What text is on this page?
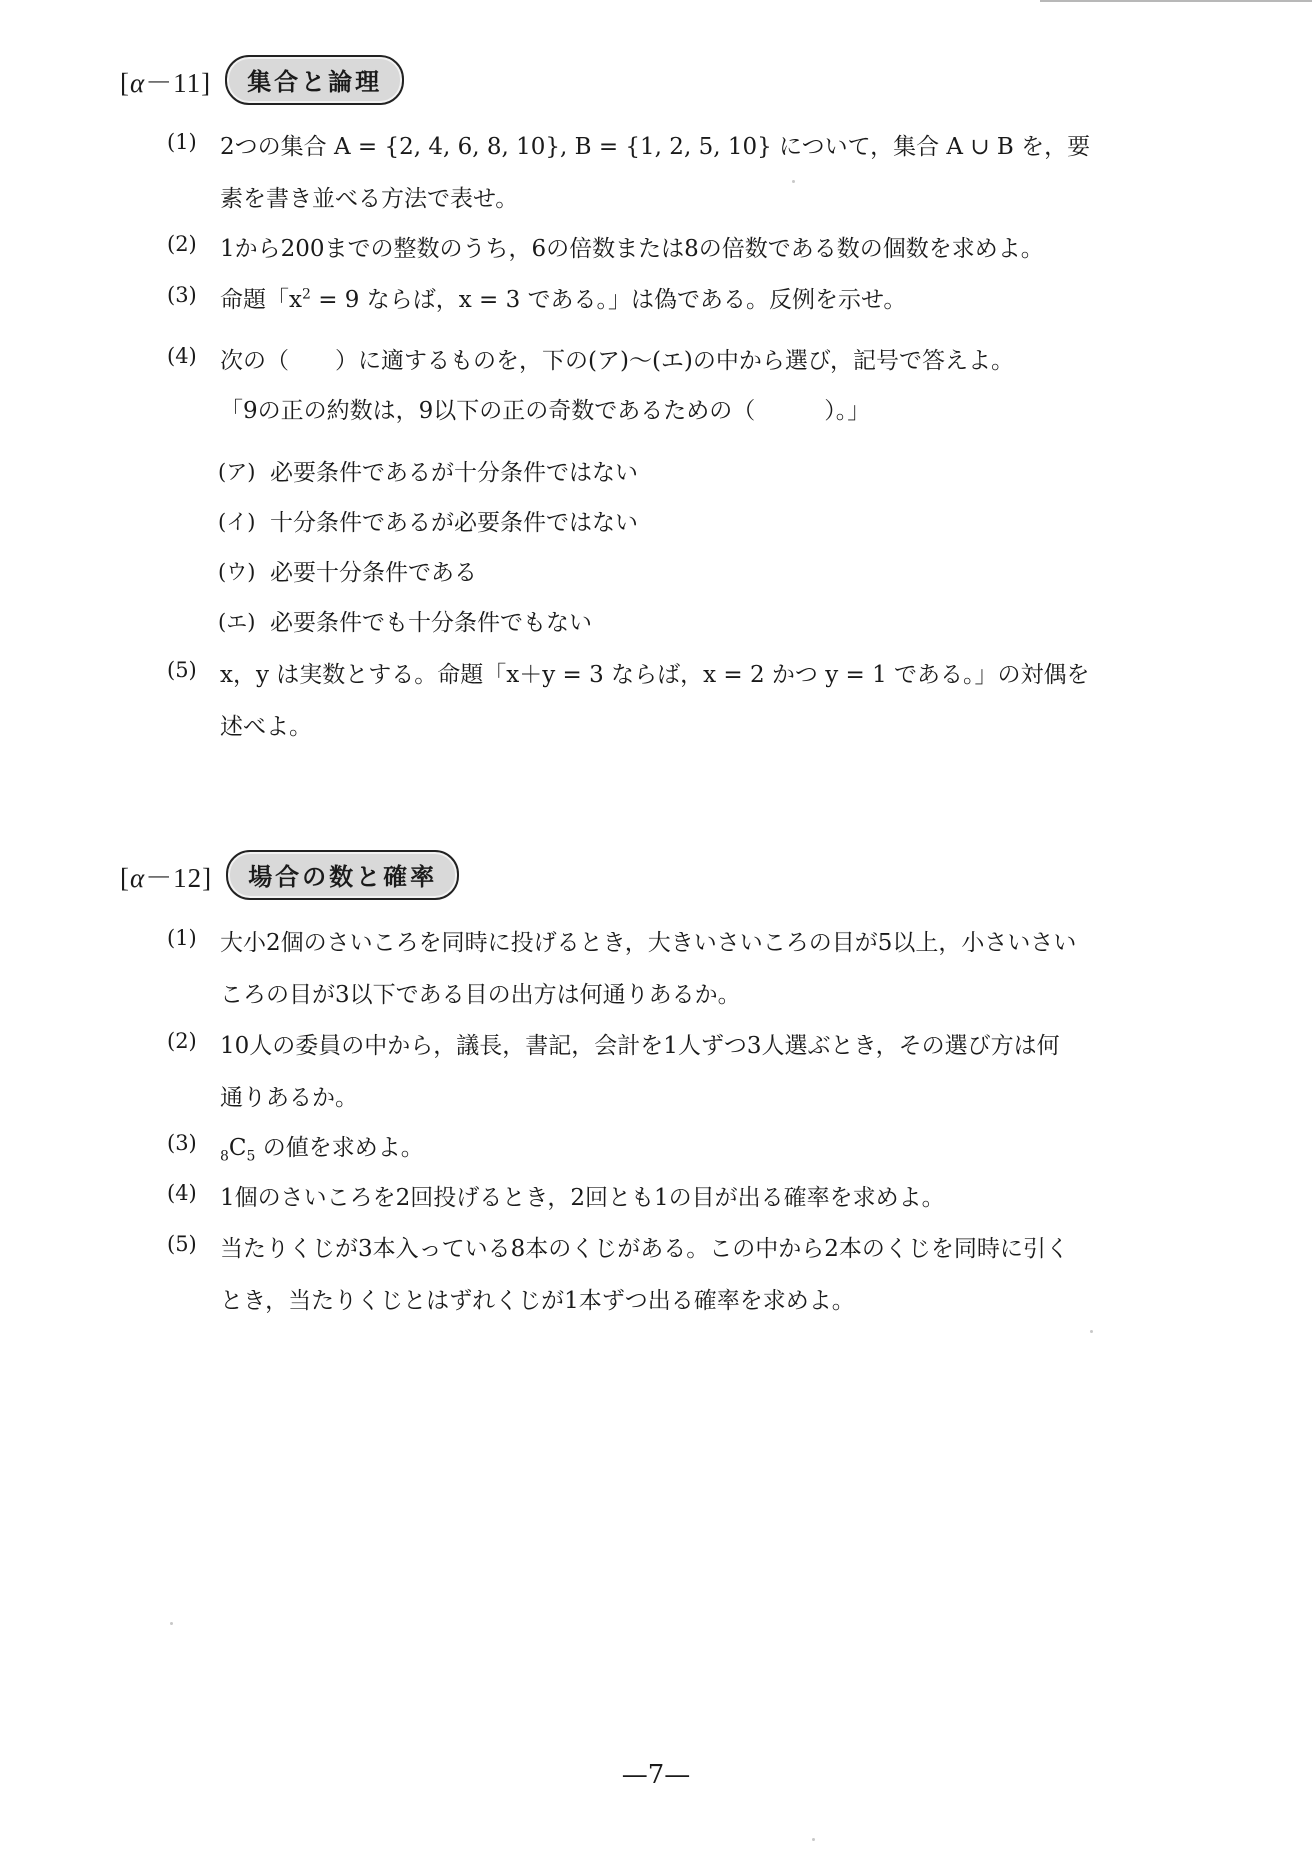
[α－11]	集合と論理
(1) 2つの集合 A = {2, 4, 6, 8, 10}, B = {1, 2, 5, 10} について，集合 A ∪ B を，要
素を書き並べる方法で表せ。
(2) 1から200までの整数のうち，6の倍数または8の倍数である数の個数を求めよ。
(3) 命題「$x^2 = 9$ ならば，x = 3 である。」は偽である。反例を示せ。
(4) 次の（　　）に適するものを，下の(ア)～(エ)の中から選び，記号で答えよ。
「9の正の約数は，9以下の正の奇数であるための（　　　）。」
(ア) 必要条件であるが十分条件ではない
(イ) 十分条件であるが必要条件ではない
(ウ) 必要十分条件である
(エ) 必要条件でも十分条件でもない
(5) x，y は実数とする。命題「x＋y = 3 ならば，x = 2 かつ y = 1 である。」の対偶を
述べよ。
[α－12]	場合の数と確率
(1) 大小2個のさいころを同時に投げるとき，大きいさいころの目が5以上，小さいさい
ころの目が3以下である目の出方は何通りあるか。
(2) 10人の委員の中から，議長，書記，会計を1人ずつ3人選ぶとき，その選び方は何
通りあるか。
(3)
$_8C_5$ の値を求めよ。
(4) 1個のさいころを2回投げるとき，2回とも1の目が出る確率を求めよ。
(5) 当たりくじが3本入っている8本のくじがある。この中から2本のくじを同時に引く
とき，当たりくじとはずれくじが1本ずつ出る確率を求めよ。
—7—
